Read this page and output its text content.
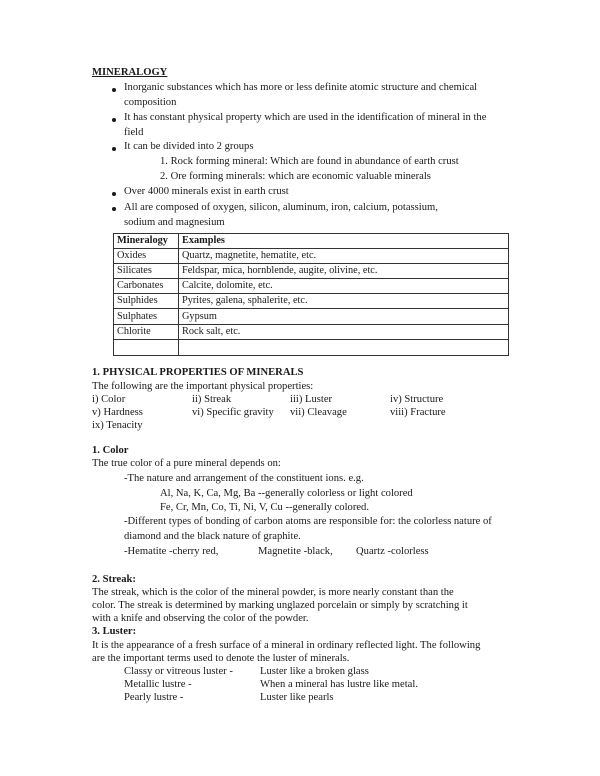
MINERALOGY
Inorganic substances which has more or less definite atomic structure and chemical
composition
It has constant physical property which are used in the identification of mineral in the
field
It can be divided into 2 groups
1. Rock forming mineral: Which are found in abundance of earth crust
2. Ore forming minerals: which are economic valuable minerals
Over 4000 minerals exist in earth crust
All are composed of oxygen, silicon, aluminum, iron, calcium, potassium,
sodium and magnesium
Mineralogy	Examples
Oxides	Quartz, magnetite, hematite, etc.
Silicates	Feldspar, mica, hornblende, augite, olivine, etc.
Carbonates	Calcite, dolomite, etc.
Sulphides	Pyrites, galena, sphalerite, etc.
Sulphates	Gypsum
Chlorite	Rock salt, etc.

1. PHYSICAL PROPERTIES OF MINERALS
The following are the important physical properties:
i) Color	ii) Streak	iii) Luster	iv) Structure
v) Hardness	vi) Specific gravity vii) Cleavage	viii) Fracture
ix) Tenacity
1. Color
The true color of a pure mineral depends on:
-The nature and arrangement of the constituent ions. e.g.
Al, Na, K, Ca, Mg, Ba --generally colorless or light colored
Fe, Cr, Mn, Co, Ti, Ni, V, Cu --generally colored.
-Different types of bonding of carbon atoms are responsible for: the colorless nature of
diamond and the black nature of graphite.
-Hematite -cherry red,	Magnetite -black, Quartz -colorless
2. Streak:
The streak, which is the color of the mineral powder, is more nearly constant than the
color. The streak is determined by marking unglazed porcelain or simply by scratching it
with a knife and observing the color of the powder.
3. Luster:
It is the appearance of a fresh surface of a mineral in ordinary reflected light. The following
are the important terms used to denote the luster of minerals.
Classy or vitreous luster -	Luster like a broken glass
Metallic lustre -	When a mineral has lustre like metal.
Pearly lustre -	Luster like pearls
